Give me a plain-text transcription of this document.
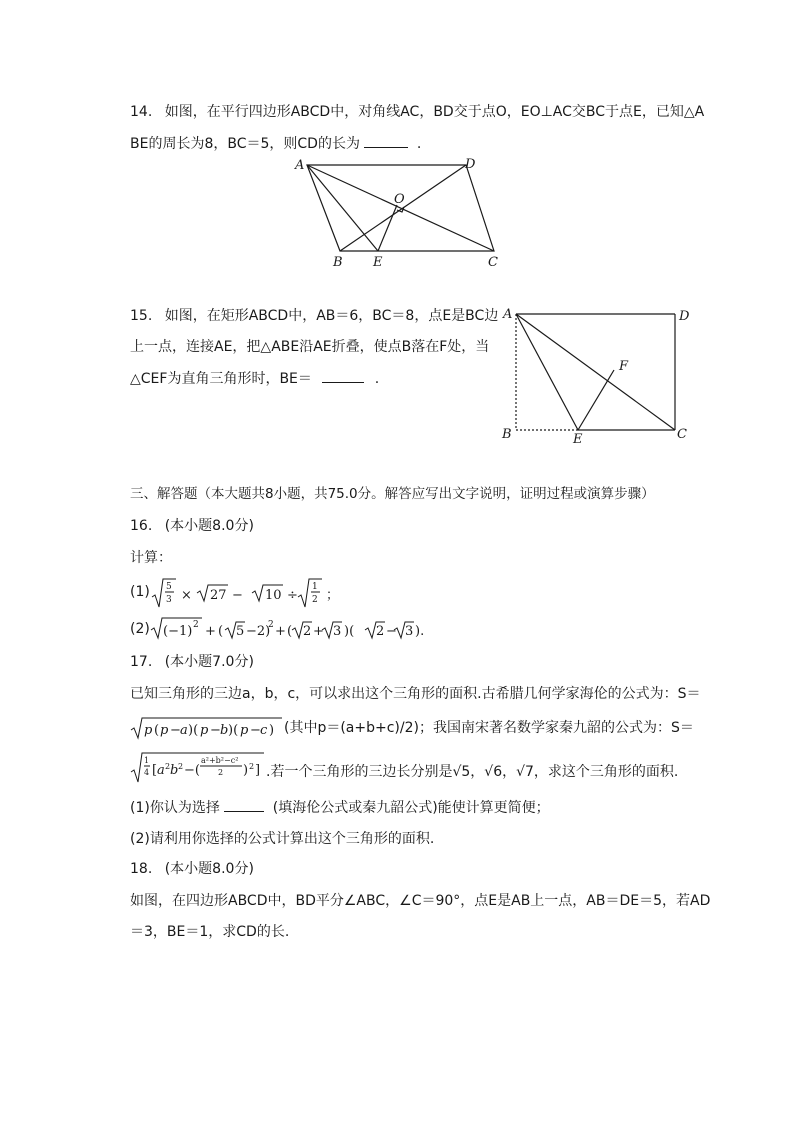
14. 如图，在平行四边形ABCD中，对角线AC，BD交于点O，EO⊥AC交BC于点E，已知△A
BE的周长为8，BC＝5，则CD的长为	.
A	D
O
B E	C
15. 如图，在矩形ABCD中，AB＝6，BC＝8，点E是BC边
上一点，连接AE，把△ABE沿AE折叠，使点B落在F处，当
△CEF为直角三角形时，BE＝	.
A	D
F
B	E	C
三、解答题（本大题共8小题，共75.0分。解答应写出文字说明，证明过程或演算步骤）
16. (本小题8.0分)
计算：
(1) 5
3 × 27 − 10 ÷
1
2 ；
(2) (−1) 2 + ( 5 −2)
2 + ( 2 + 3 )( 2 − 3 ).
17. (本小题7.0分)
已知三角形的三边a，b，c，可以求出这个三角形的面积.古希腊几何学家海伦的公式为：S＝
p ( p − a )( p − b )( p − c ) (其中p＝(a+b+c)/2)；我国南宋著名数学家秦九韶的公式为：S＝
1
4 [ a 2 b 2 −(
a²+b²−c²
2 ) 2 ] .若一个三角形的三边长分别是√5，√6，√7，求这个三角形的面积.
(1)你认为选择	(填海伦公式或秦九韶公式)能使计算更简便；
(2)请利用你选择的公式计算出这个三角形的面积.
18. (本小题8.0分)
如图，在四边形ABCD中，BD平分∠ABC，∠C＝90°，点E是AB上一点，AB＝DE＝5，若AD
＝3，BE＝1，求CD的长.
